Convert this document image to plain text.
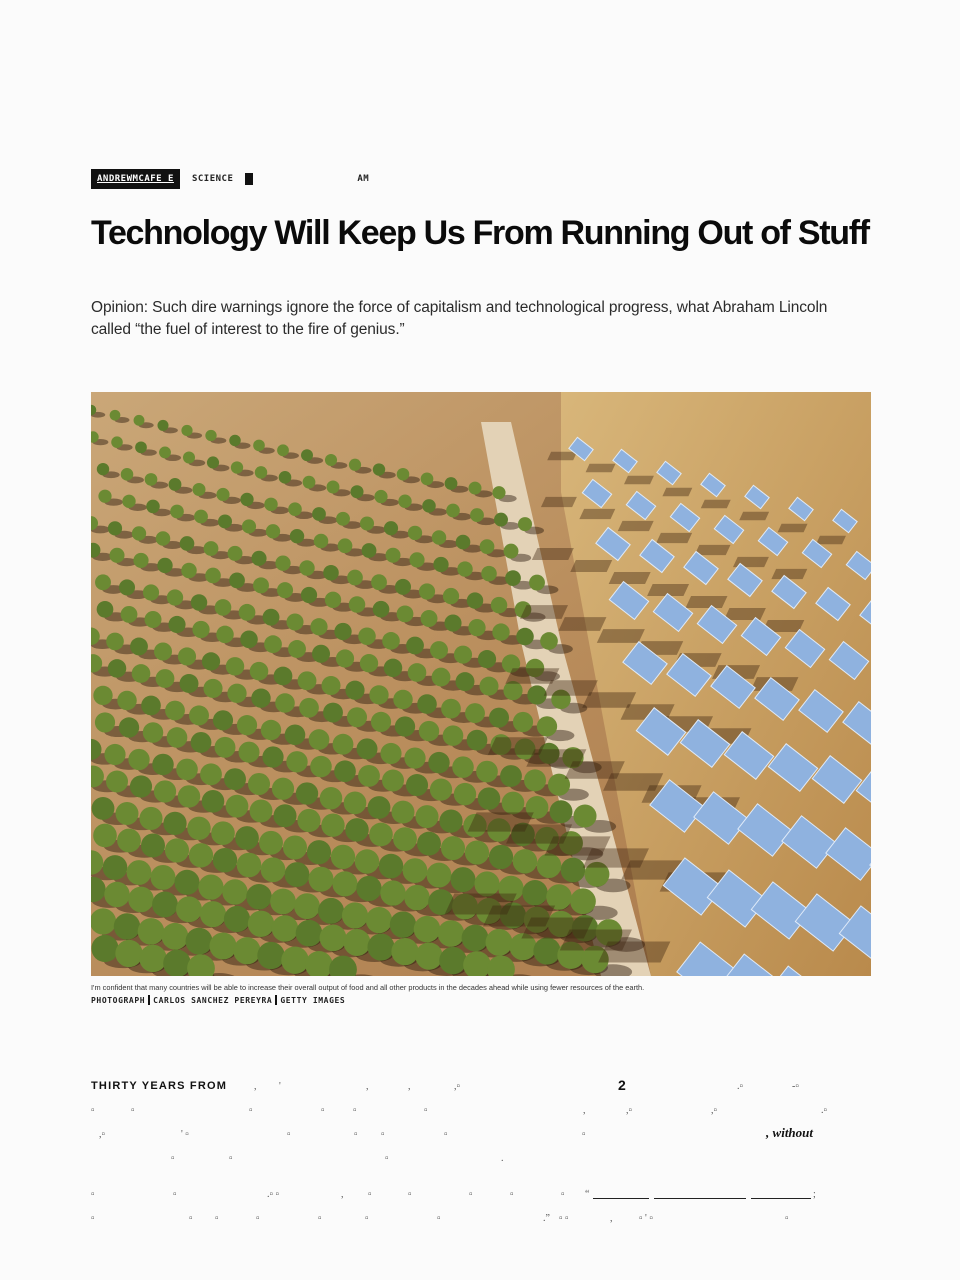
ANDREWMCAFE E	SCIENCE	AM
Technology Will Keep Us From Running Out of Stuff

Opinion: Such dire warnings ignore the force of capitalism and technological progress, what Abraham Lincoln called “the fuel of interest to the fire of genius.”

I'm confident that many countries will be able to increase their overall output of food and all other products in the decades ahead while using fewer resources of the earth.
PHOTOGRAPH CARLOS SANCHEZ PEREYRA GETTY IMAGES
THIRTY YEARS FROM	, '	,	,	,▫	2	.▫	-▫
▫	▫	▫	▫	▫	▫	,	,▫	,▫	.▫
,▫	' ▫	▫	▫ ▫	▫	▫	, without
▫	▫	▫	.
▫	▫	.▫ ▫	, ▫	▫	▫	▫	▫ “	;
▫	▫ ▫	▫	▫	▫	▫	.” ▫ ▫	,	▫ ' ▫	▫
